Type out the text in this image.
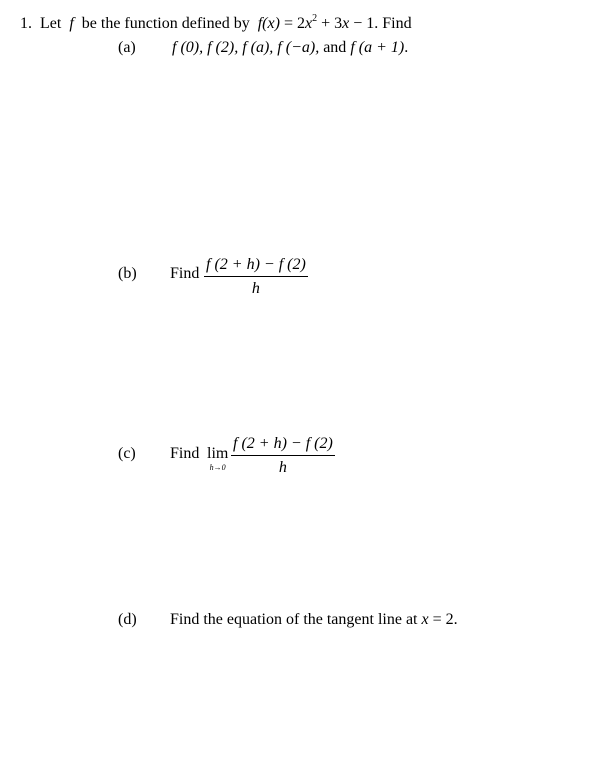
1. Let f be the function defined by $f(x) = 2x^2 + 3x - 1$. Find
(a) f (0), f (2), f (a), f (−a), and f (a + 1).
(b) Find $\frac{f (2 + h) - f (2)}{h}$
(c) Find lim
$h\to 0 \frac{f (2 + h) - f (2)}{h}$
(d) Find the equation of the tangent line at x = 2.
